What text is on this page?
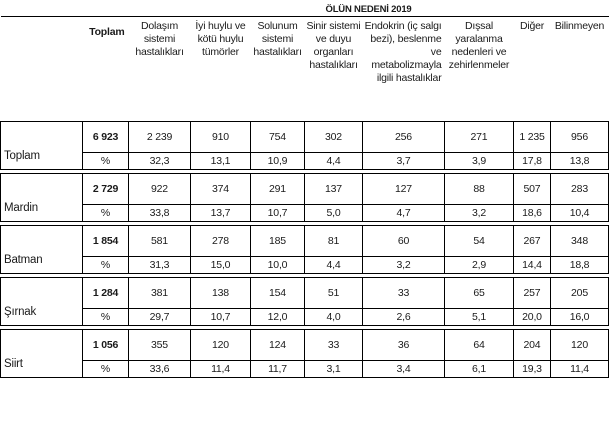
		ÖLÜN NEDENİ 2019							
	Toplam	Dolaşım sistemi hastalıkları	İyi huylu ve kötü huylu tümörler	Solunum sistemi hastalıkları	Sinir sistemi ve duyu organları hastalıkları	Endokrin (iç salgı bezi), beslenme ve metabolizmayla ilgili hastalıklar	Dışsal yaralanma nedenleri ve zehirlenmeler	Diğer	Bilinmeyen
Toplam	6 923	2 239	910	754	302	256	271	1 235	956
	%	32,3	13,1	10,9	4,4	3,7	3,9	17,8	13,8

Mardin	2 729	922	374	291	137	127	88	507	283
	%	33,8	13,7	10,7	5,0	4,7	3,2	18,6	10,4

Batman	1 854	581	278	185	81	60	54	267	348
	%	31,3	15,0	10,0	4,4	3,2	2,9	14,4	18,8

Şırnak	1 284	381	138	154	51	33	65	257	205
	%	29,7	10,7	12,0	4,0	2,6	5,1	20,0	16,0

Siirt	1 056	355	120	124	33	36	64	204	120
	%	33,6	11,4	11,7	3,1	3,4	6,1	19,3	11,4
